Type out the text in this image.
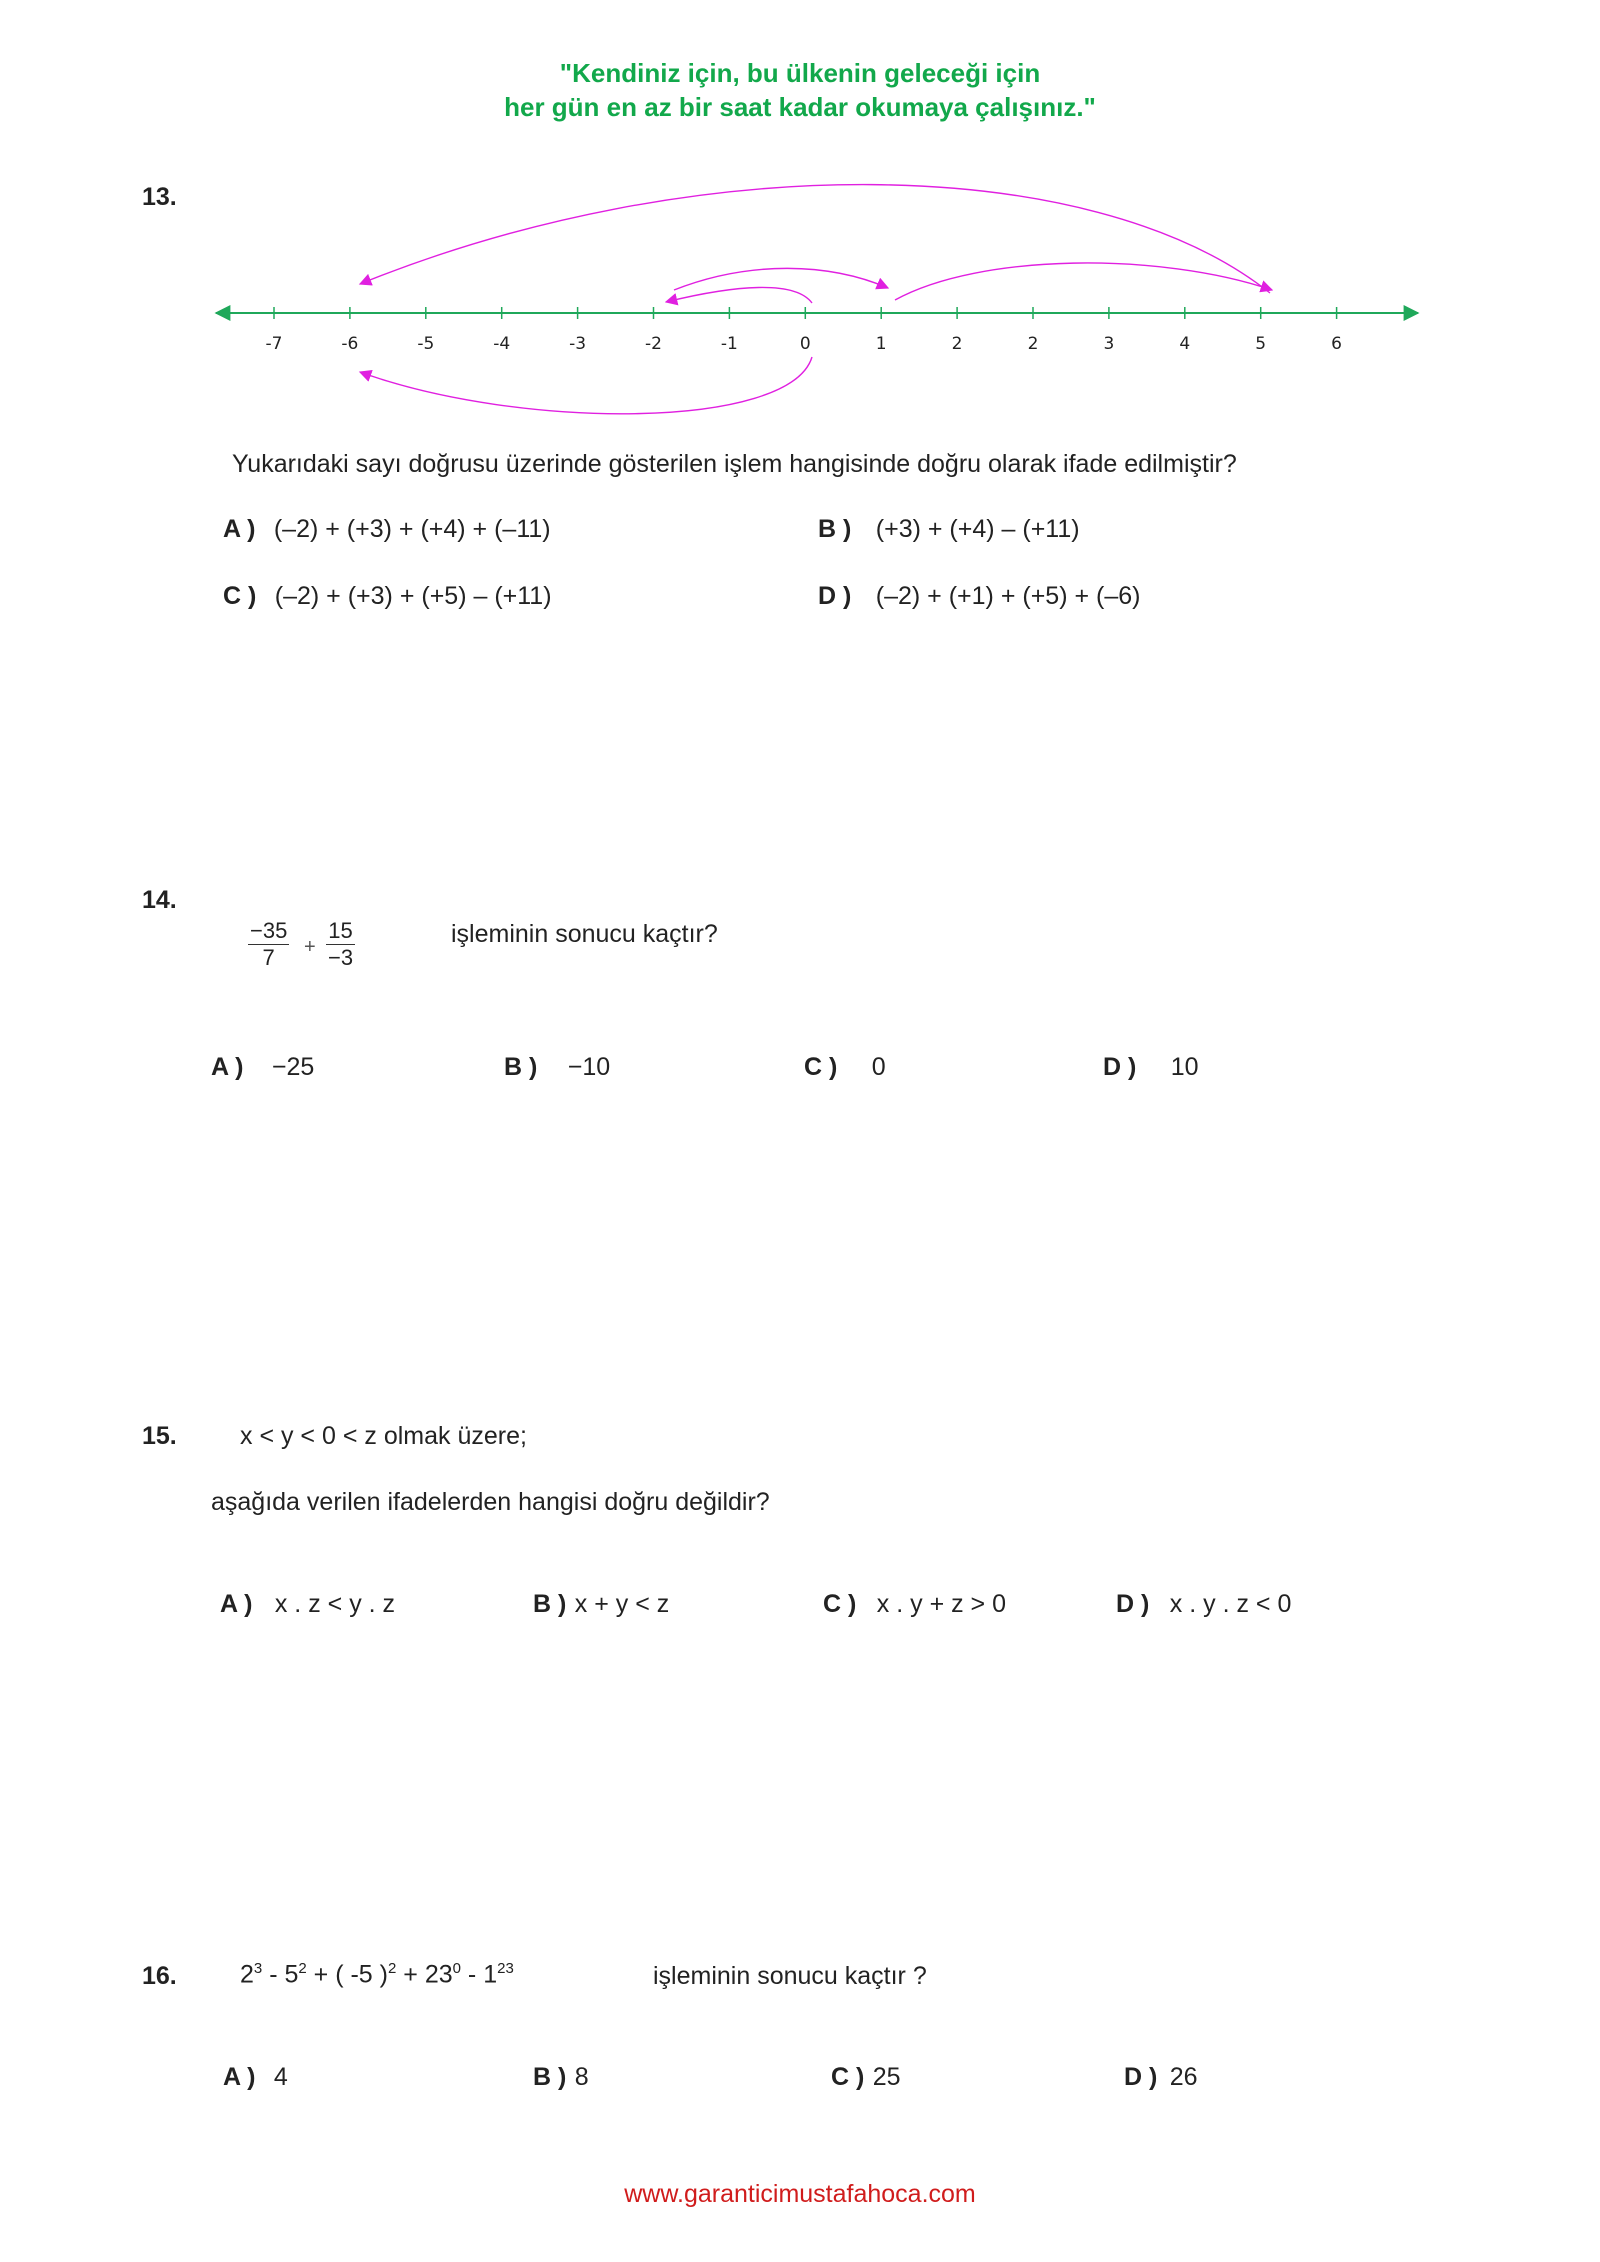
"Kendiniz için, bu ülkenin geleceği için
her gün en az bir saat kadar okumaya çalışınız."
13.
-7	-6	-5	-4	-3	-2	-1	0	1	2	2	3	4	5	6
Yukarıdaki sayı doğrusu üzerinde gösterilen işlem hangisinde doğru olarak ifade edilmiştir?
A ) (–2) + (+3) + (+4) + (–11)	B ) (+3) + (+4) – (+11)
C ) (–2) + (+3) + (+5) – (+11)	D ) (–2) + (+1) + (+5) + (–6)
14.
$\frac{-35}{7} + \frac{15}{-3}$	işleminin sonucu kaçtır?
A ) −25	B ) −10	C ) 0	D ) 10
15.	x < y < 0 < z olmak üzere;
aşağıda verilen ifadelerden hangisi doğru değildir?
A ) x . z < y . z	B ) x + y < z	C ) x . y + z > 0	D ) x . y . z < 0
16.	$2^3 - 5^2$ + ( -5 )$^2 + 23^0 - 1^{23}$	işleminin sonucu kaçtır ?
A ) 4	B ) 8	C ) 25	D ) 26
www.garanticimustafahoca.com
